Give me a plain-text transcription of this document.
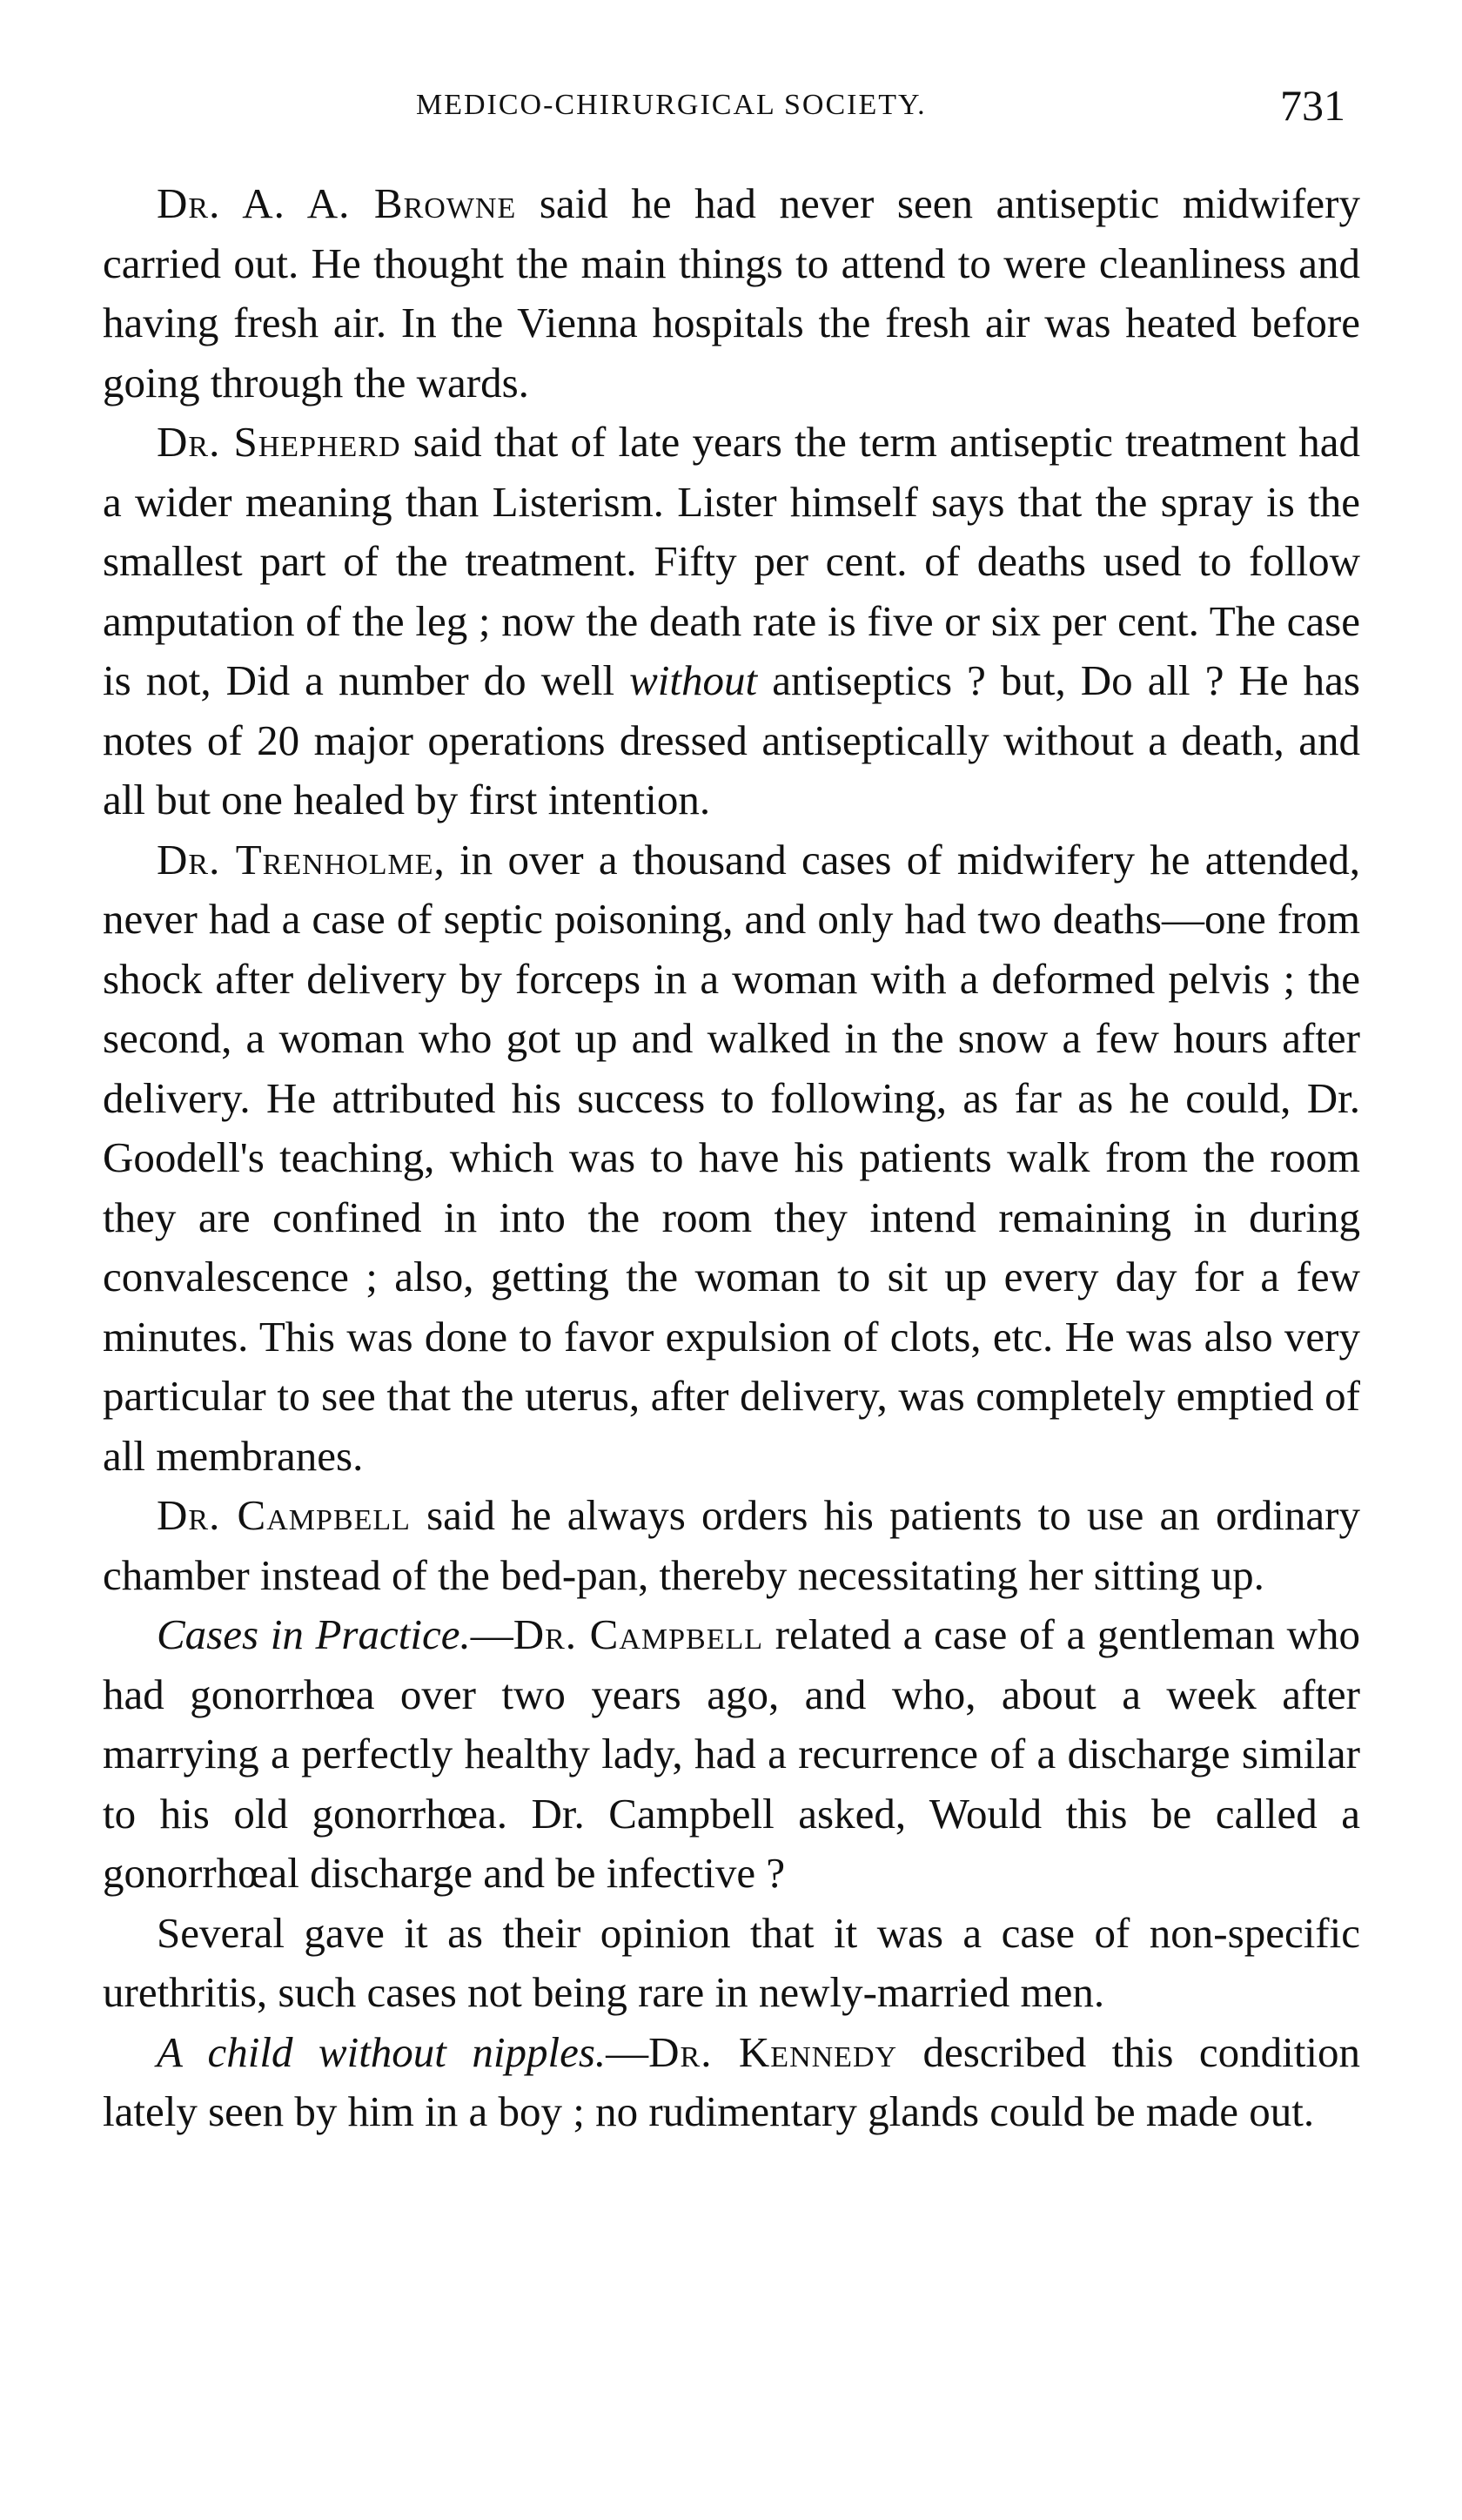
MEDICO-CHIRURGICAL SOCIETY.	731

Dr. A. A. Browne said he had never seen antiseptic midwifery carried out. He thought the main things to attend to were cleanliness and having fresh air. In the Vienna hospitals the fresh air was heated before going through the wards.

Dr. Shepherd said that of late years the term antiseptic treatment had a wider meaning than Listerism. Lister himself says that the spray is the smallest part of the treatment. Fifty per cent. of deaths used to follow amputation of the leg ; now the death rate is five or six per cent. The case is not, Did a number do well without antiseptics ? but, Do all ? He has notes of 20 major operations dressed antiseptically without a death, and all but one healed by first intention.

Dr. Trenholme, in over a thousand cases of midwifery he attended, never had a case of septic poisoning, and only had two deaths—one from shock after delivery by forceps in a woman with a deformed pelvis ; the second, a woman who got up and walked in the snow a few hours after delivery. He attributed his success to following, as far as he could, Dr. Goodell's teaching, which was to have his patients walk from the room they are confined in into the room they intend remaining in during convalescence ; also, getting the woman to sit up every day for a few minutes. This was done to favor expulsion of clots, etc. He was also very particular to see that the uterus, after delivery, was completely emptied of all membranes.

Dr. Campbell said he always orders his patients to use an ordinary chamber instead of the bed-pan, thereby necessitating her sitting up.

Cases in Practice.—Dr. Campbell related a case of a gentleman who had gonorrhœa over two years ago, and who, about a week after marrying a perfectly healthy lady, had a recurrence of a discharge similar to his old gonorrhœa. Dr. Campbell asked, Would this be called a gonorrhœal discharge and be infective ?

Several gave it as their opinion that it was a case of non-specific urethritis, such cases not being rare in newly-married men.

A child without nipples.—Dr. Kennedy described this condition lately seen by him in a boy ; no rudimentary glands could be made out.
